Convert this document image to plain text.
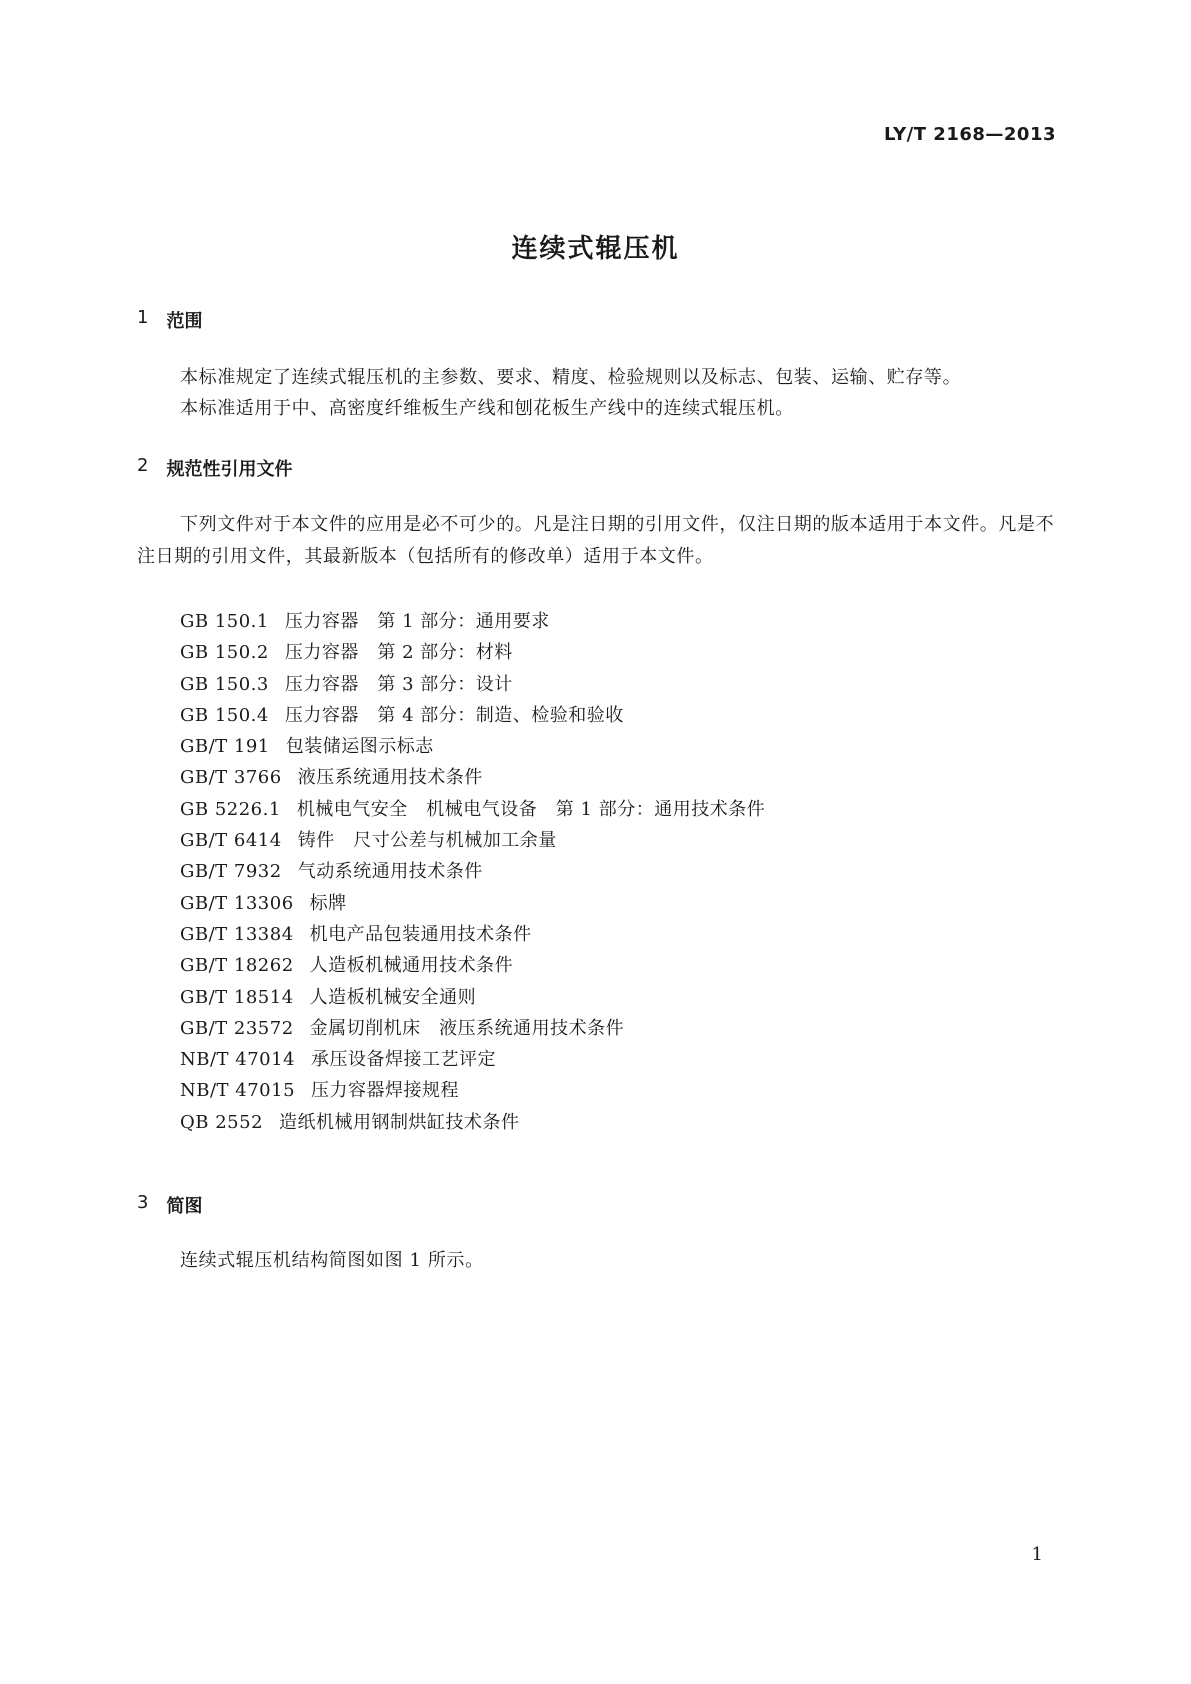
LY/T 2168—2013
连续式辊压机
1 范围
本标准规定了连续式辊压机的主参数、要求、精度、检验规则以及标志、包装、运输、贮存等。
本标准适用于中、高密度纤维板生产线和刨花板生产线中的连续式辊压机。
2 规范性引用文件
下列文件对于本文件的应用是必不可少的。凡是注日期的引用文件，仅注日期的版本适用于本文件。凡是不注日期的引用文件，其最新版本（包括所有的修改单）适用于本文件。
GB 150.1 压力容器　第 1 部分：通用要求
GB 150.2 压力容器　第 2 部分：材料
GB 150.3 压力容器　第 3 部分：设计
GB 150.4 压力容器　第 4 部分：制造、检验和验收
GB/T 191 包装储运图示标志
GB/T 3766 液压系统通用技术条件
GB 5226.1 机械电气安全　机械电气设备　第 1 部分：通用技术条件
GB/T 6414 铸件　尺寸公差与机械加工余量
GB/T 7932 气动系统通用技术条件
GB/T 13306 标牌
GB/T 13384 机电产品包装通用技术条件
GB/T 18262 人造板机械通用技术条件
GB/T 18514 人造板机械安全通则
GB/T 23572 金属切削机床　液压系统通用技术条件
NB/T 47014 承压设备焊接工艺评定
NB/T 47015 压力容器焊接规程
QB 2552 造纸机械用钢制烘缸技术条件
3 简图
连续式辊压机结构简图如图 1 所示。
1
